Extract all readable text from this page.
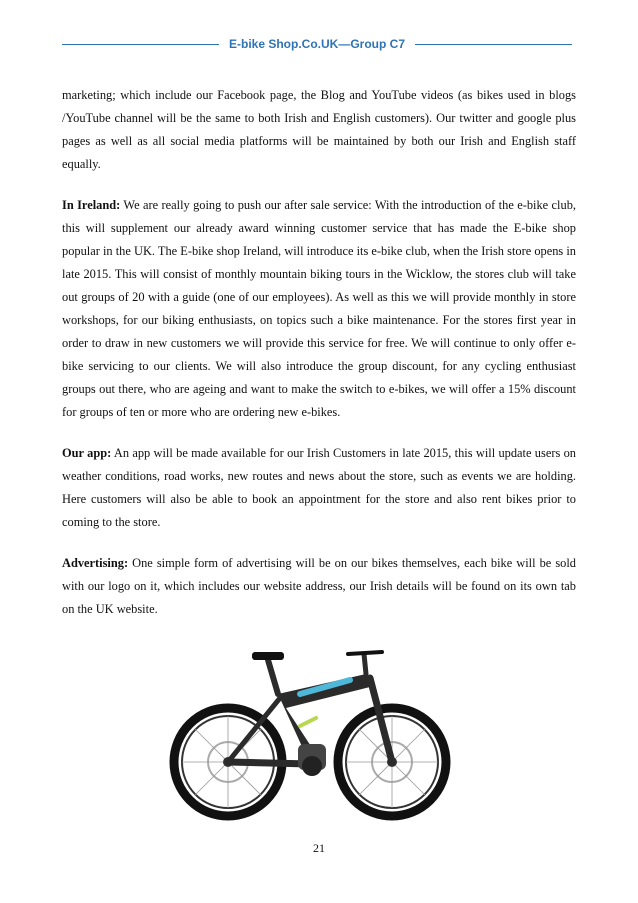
E-bike Shop.Co.UK—Group C7

marketing; which include our Facebook page, the Blog and YouTube videos (as bikes used in blogs /YouTube channel will be the same to both Irish and English customers). Our twitter and google plus pages as well as all social media platforms will be maintained by both our Irish and English staff equally.

In Ireland: We are really going to push our after sale service: With the introduction of the e-bike club, this will supplement our already award winning customer service that has made the E-bike shop popular in the UK. The E-bike shop Ireland, will introduce its e-bike club, when the Irish store opens in late 2015. This will consist of monthly mountain biking tours in the Wicklow, the stores club will take out groups of 20 with a guide (one of our employees). As well as this we will provide monthly in store workshops, for our biking enthusiasts, on topics such a bike maintenance. For the stores first year in order to draw in new customers we will provide this service for free. We will continue to only offer e-bike servicing to our clients. We will also introduce the group discount, for any cycling enthusiast groups out there, who are ageing and want to make the switch to e-bikes, we will offer a 15% discount for groups of ten or more who are ordering new e-bikes.

Our app: An app will be made available for our Irish Customers in late 2015, this will update users on weather conditions, road works, new routes and news about the store, such as events we are holding. Here customers will also be able to book an appointment for the store and also rent bikes prior to coming to the store.

Advertising: One simple form of advertising will be on our bikes themselves, each bike will be sold with our logo on it, which includes our website address, our Irish details will be found on its own tab on the UK website.

21
